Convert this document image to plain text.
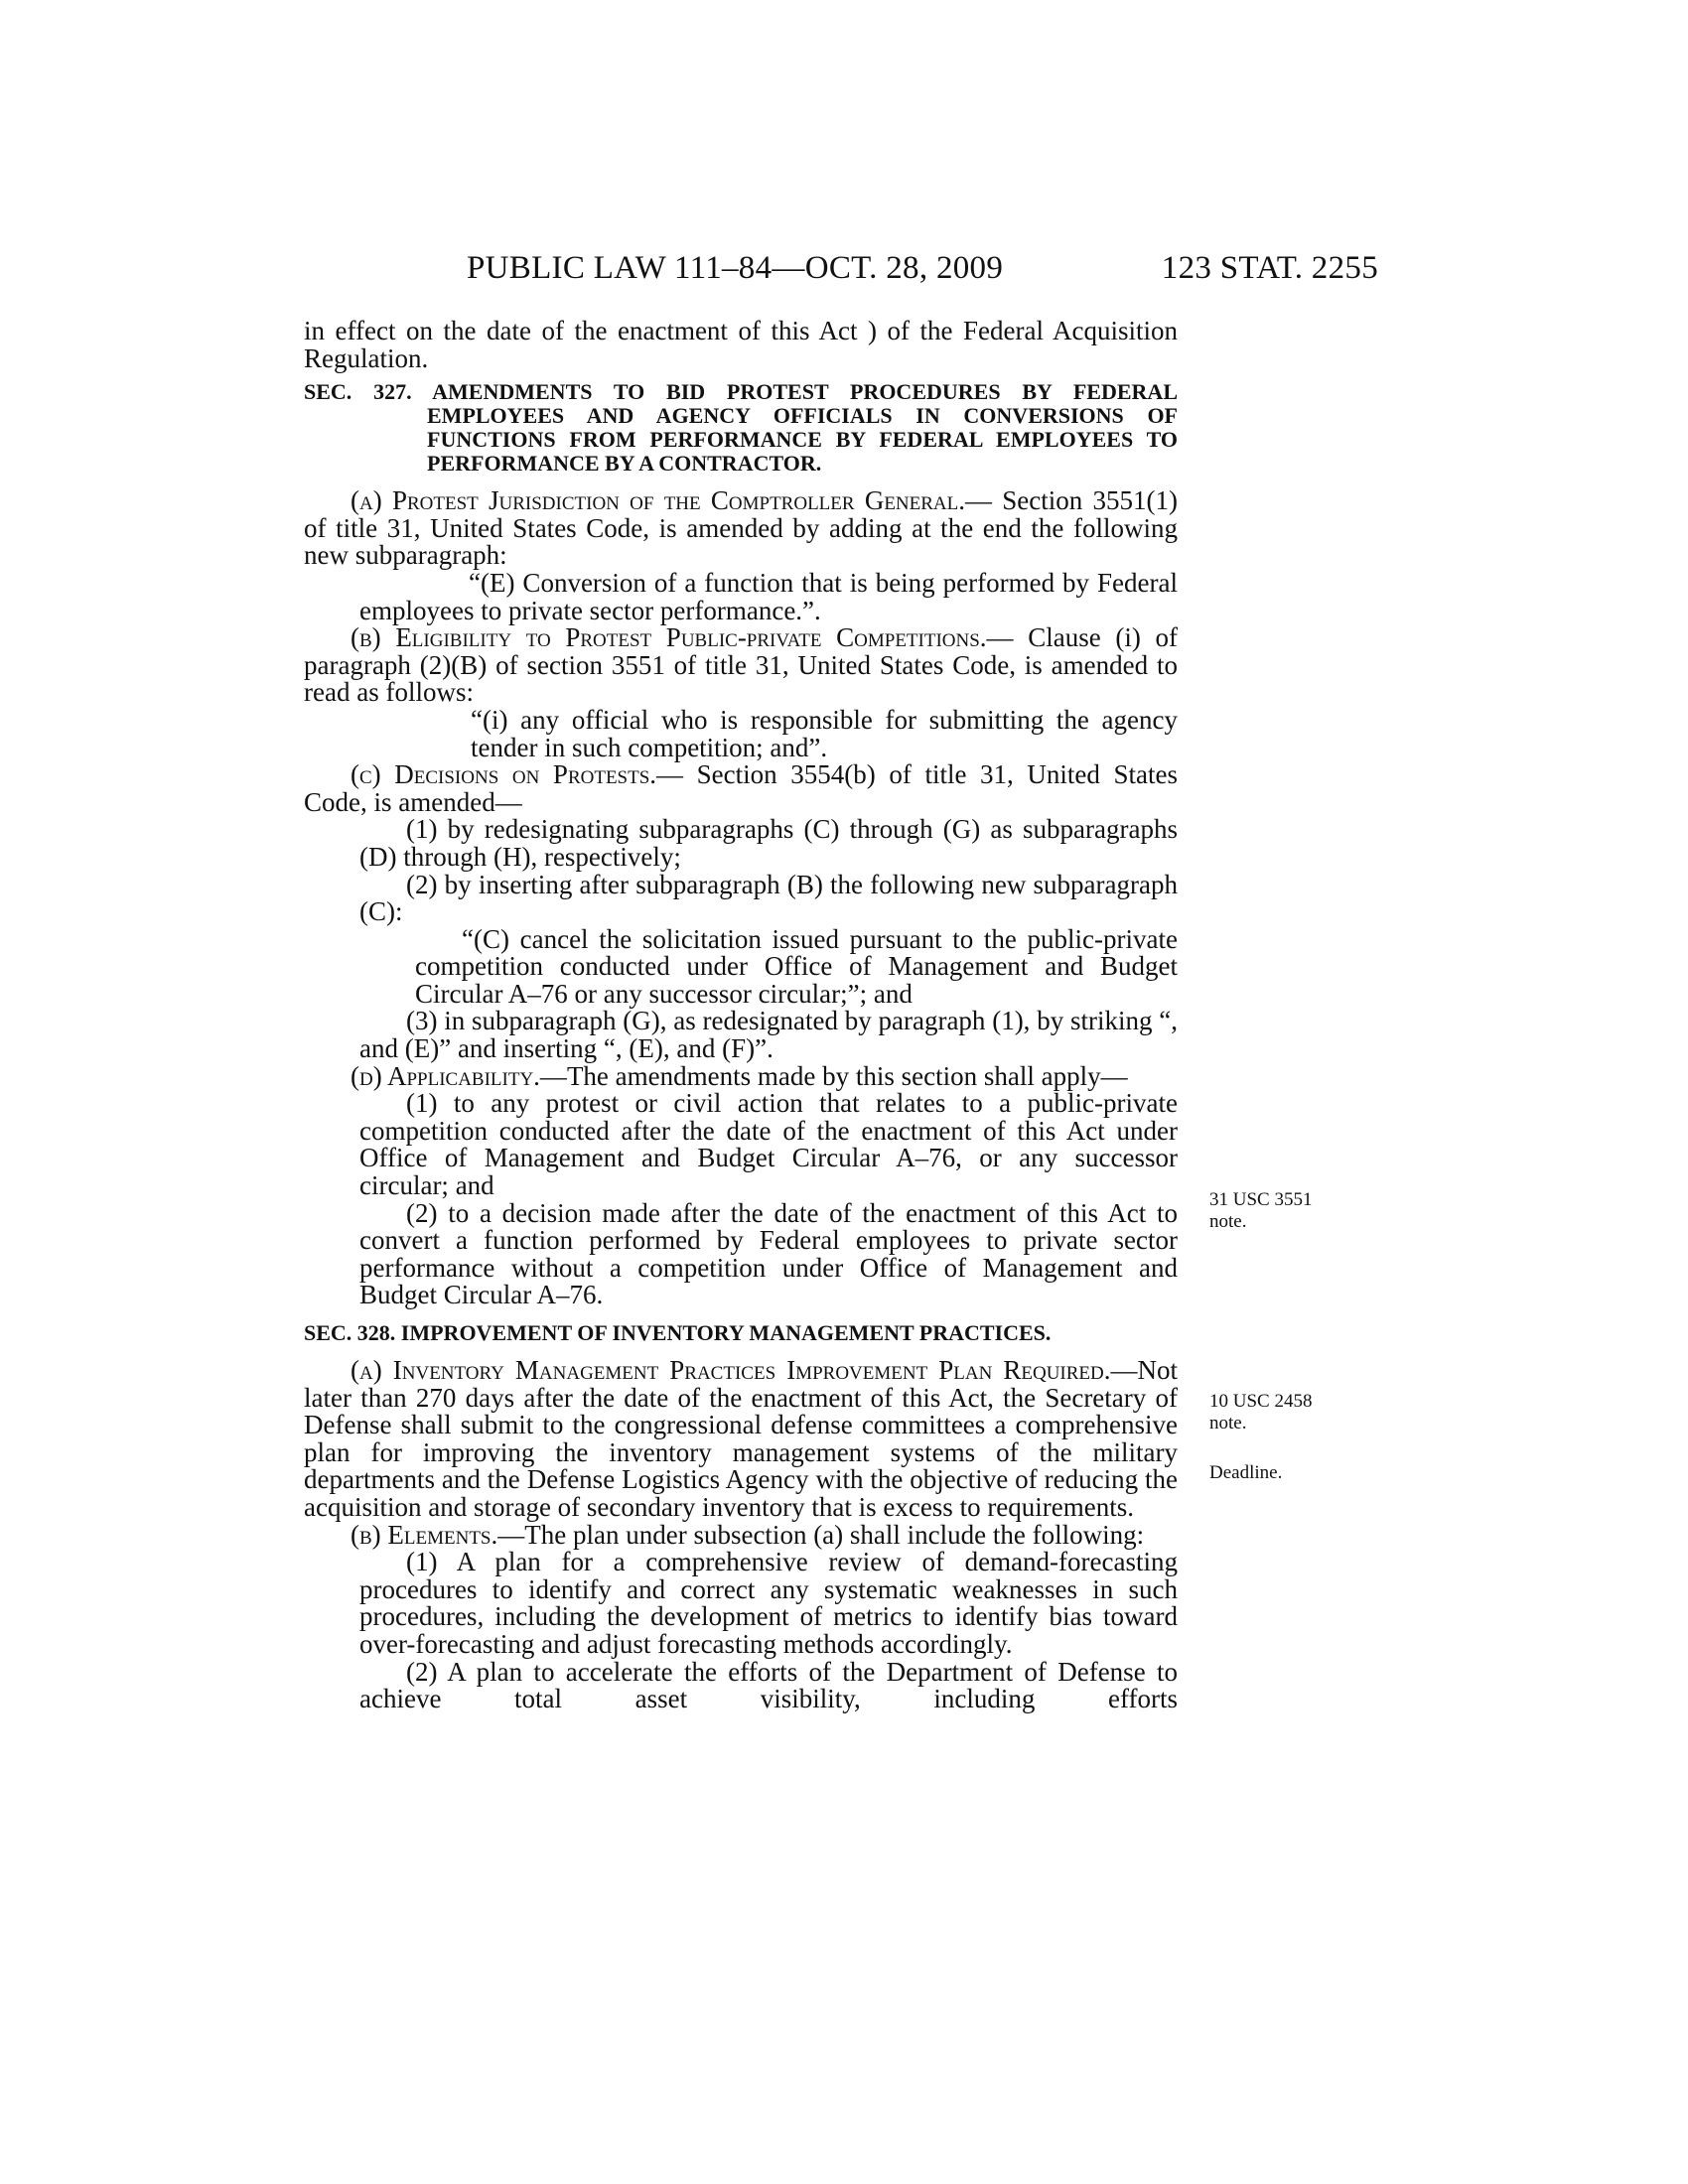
PUBLIC LAW 111–84—OCT. 28, 2009	123 STAT. 2255

in effect on the date of the enactment of this Act ) of the Federal Acquisition Regulation.

SEC. 327. AMENDMENTS TO BID PROTEST PROCEDURES BY FEDERAL EMPLOYEES AND AGENCY OFFICIALS IN CONVERSIONS OF FUNCTIONS FROM PERFORMANCE BY FEDERAL EMPLOYEES TO PERFORMANCE BY A CONTRACTOR.

(a) Protest Jurisdiction of the Comptroller General.— Section 3551(1) of title 31, United States Code, is amended by adding at the end the following new subparagraph:

“(E) Conversion of a function that is being performed by Federal employees to private sector performance.”.

(b) Eligibility to Protest Public-private Competitions.— Clause (i) of paragraph (2)(B) of section 3551 of title 31, United States Code, is amended to read as follows:

“(i) any official who is responsible for submitting the agency tender in such competition; and”.

(c) Decisions on Protests.— Section 3554(b) of title 31, United States Code, is amended—

(1) by redesignating subparagraphs (C) through (G) as subparagraphs (D) through (H), respectively;

(2) by inserting after subparagraph (B) the following new subparagraph (C):

“(C) cancel the solicitation issued pursuant to the public-private competition conducted under Office of Management and Budget Circular A–76 or any successor circular;”; and

(3) in subparagraph (G), as redesignated by paragraph (1), by striking “, and (E)” and inserting “, (E), and (F)”.

(d) Applicability.—The amendments made by this section shall apply—

(1) to any protest or civil action that relates to a public-private competition conducted after the date of the enactment of this Act under Office of Management and Budget Circular A–76, or any successor circular; and

(2) to a decision made after the date of the enactment of this Act to convert a function performed by Federal employees to private sector performance without a competition under Office of Management and Budget Circular A–76.

SEC. 328. IMPROVEMENT OF INVENTORY MANAGEMENT PRACTICES.

(a) Inventory Management Practices Improvement Plan Required.—Not later than 270 days after the date of the enactment of this Act, the Secretary of Defense shall submit to the congressional defense committees a comprehensive plan for improving the inventory management systems of the military departments and the Defense Logistics Agency with the objective of reducing the acquisition and storage of secondary inventory that is excess to requirements.

(b) Elements.—The plan under subsection (a) shall include the following:

(1) A plan for a comprehensive review of demand-forecasting procedures to identify and correct any systematic weaknesses in such procedures, including the development of metrics to identify bias toward over-forecasting and adjust forecasting methods accordingly.

(2) A plan to accelerate the efforts of the Department of Defense to achieve total asset visibility, including efforts

31 USC 3551
note.
10 USC 2458
note.
Deadline.
